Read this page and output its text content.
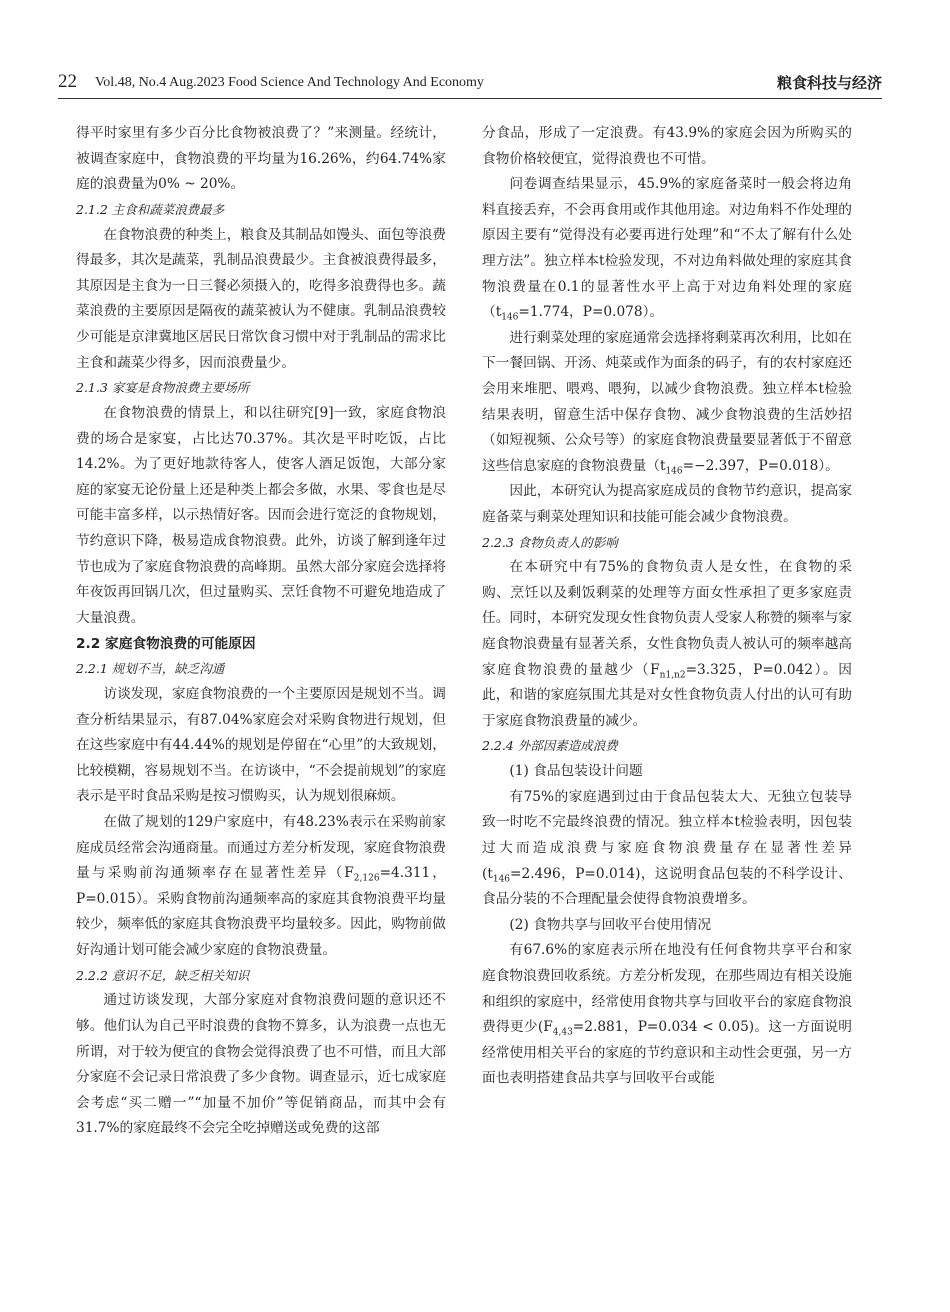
22 Vol.48, No.4 Aug.2023 Food Science And Technology And Economy	粮食科技与经济

得平时家里有多少百分比食物被浪费了？”来测量。经统计，被调查家庭中，食物浪费的平均量为16.26%，约64.74%家庭的浪费量为0% ~ 20%。

2.1.2 主食和蔬菜浪费最多

在食物浪费的种类上，粮食及其制品如馒头、面包等浪费得最多，其次是蔬菜，乳制品浪费最少。主食被浪费得最多，其原因是主食为一日三餐必须摄入的，吃得多浪费得也多。蔬菜浪费的主要原因是隔夜的蔬菜被认为不健康。乳制品浪费较少可能是京津冀地区居民日常饮食习惯中对于乳制品的需求比主食和蔬菜少得多，因而浪费量少。

2.1.3 家宴是食物浪费主要场所

在食物浪费的情景上，和以往研究[9]一致，家庭食物浪费的场合是家宴，占比达70.37%。其次是平时吃饭，占比14.2%。为了更好地款待客人，使客人酒足饭饱，大部分家庭的家宴无论份量上还是种类上都会多做，水果、零食也是尽可能丰富多样，以示热情好客。因而会进行宽泛的食物规划，节约意识下降，极易造成食物浪费。此外，访谈了解到逢年过节也成为了家庭食物浪费的高峰期。虽然大部分家庭会选择将年夜饭再回锅几次，但过量购买、烹饪食物不可避免地造成了大量浪费。

2.2 家庭食物浪费的可能原因
2.2.1 规划不当，缺乏沟通

访谈发现，家庭食物浪费的一个主要原因是规划不当。调查分析结果显示，有87.04%家庭会对采购食物进行规划，但在这些家庭中有44.44%的规划是停留在“心里”的大致规划，比较模糊，容易规划不当。在访谈中，“不会提前规划”的家庭表示是平时食品采购是按习惯购买，认为规划很麻烦。

在做了规划的129户家庭中，有48.23%表示在采购前家庭成员经常会沟通商量。而通过方差分析发现，家庭食物浪费量与采购前沟通频率存在显著性差异（$F_{2,126}=4.311$，P=0.015）。采购食物前沟通频率高的家庭其食物浪费平均量较少，频率低的家庭其食物浪费平均量较多。因此，购物前做好沟通计划可能会减少家庭的食物浪费量。

2.2.2 意识不足，缺乏相关知识

通过访谈发现，大部分家庭对食物浪费问题的意识还不够。他们认为自己平时浪费的食物不算多，认为浪费一点也无所谓，对于较为便宜的食物会觉得浪费了也不可惜，而且大部分家庭不会记录日常浪费了多少食物。调查显示，近七成家庭会考虑“买二赠一”“加量不加价”等促销商品，而其中会有31.7%的家庭最终不会完全吃掉赠送或免费的这部

分食品，形成了一定浪费。有43.9%的家庭会因为所购买的食物价格较便宜，觉得浪费也不可惜。

问卷调查结果显示，45.9%的家庭备菜时一般会将边角料直接丢弃，不会再食用或作其他用途。对边角料不作处理的原因主要有“觉得没有必要再进行处理”和“不太了解有什么处理方法”。独立样本t检验发现，不对边角料做处理的家庭其食物浪费量在0.1的显著性水平上高于对边角料处理的家庭（$t_{146}=1.774$，P=0.078）。

进行剩菜处理的家庭通常会选择将剩菜再次利用，比如在下一餐回锅、开汤、炖菜或作为面条的码子，有的农村家庭还会用来堆肥、喂鸡、喂狗，以减少食物浪费。独立样本t检验结果表明，留意生活中保存食物、减少食物浪费的生活妙招（如短视频、公众号等）的家庭食物浪费量要显著低于不留意这些信息家庭的食物浪费量（$t_{146}=-2.397$，P=0.018）。

因此，本研究认为提高家庭成员的食物节约意识，提高家庭备菜与剩菜处理知识和技能可能会减少食物浪费。

2.2.3 食物负责人的影响

在本研究中有75%的食物负责人是女性，在食物的采购、烹饪以及剩饭剩菜的处理等方面女性承担了更多家庭责任。同时，本研究发现女性食物负责人受家人称赞的频率与家庭食物浪费量有显著关系，女性食物负责人被认可的频率越高家庭食物浪费的量越少（$F_{n1,n2}=3.325$，P=0.042）。因此，和谐的家庭氛围尤其是对女性食物负责人付出的认可有助于家庭食物浪费量的减少。

2.2.4 外部因素造成浪费

(1) 食品包装设计问题

有75%的家庭遇到过由于食品包装太大、无独立包装导致一时吃不完最终浪费的情况。独立样本t检验表明，因包装过大而造成浪费与家庭食物浪费量存在显著性差异($t_{146}=2.496$，P=0.014)，这说明食品包装的不科学设计、食品分装的不合理配量会使得食物浪费增多。

(2) 食物共享与回收平台使用情况

有67.6%的家庭表示所在地没有任何食物共享平台和家庭食物浪费回收系统。方差分析发现，在那些周边有相关设施和组织的家庭中，经常使用食物共享与回收平台的家庭食物浪费得更少($F_{4,43}=2.881$，P=0.034 < 0.05)。这一方面说明经常使用相关平台的家庭的节约意识和主动性会更强，另一方面也表明搭建食品共享与回收平台或能
